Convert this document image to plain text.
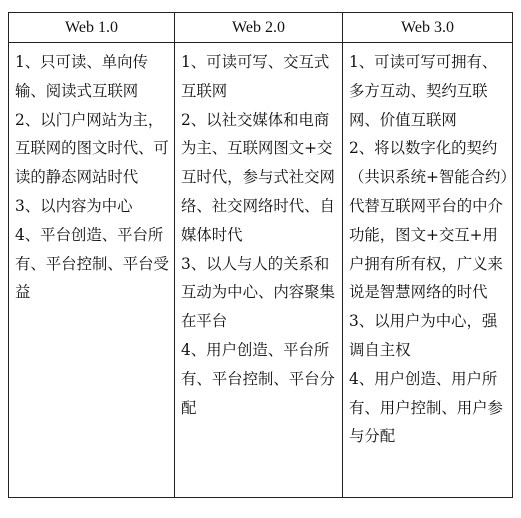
Web 1.0	Web 2.0	Web 3.0

1、只可读、单向传输、阅读式互联网
2、以门户网站为主，互联网的图文时代、可读的静态网站时代
3、以内容为中心
4、平台创造、平台所有、平台控制、平台受益	1、可读可写、交互式互联网
2、以社交媒体和电商为主、互联网图文+交互时代，参与式社交网络、社交网络时代、自媒体时代
3、以人与人的关系和互动为中心、内容聚集在平台
4、用户创造、平台所有、平台控制、平台分配	1、可读可写可拥有、多方互动、契约互联网、价值互联网
2、将以数字化的契约（共识系统+智能合约）代替互联网平台的中介功能，图文+交互+用户拥有所有权，广义来说是智慧网络的时代
3、以用户为中心，强调自主权
4、用户创造、用户所有、用户控制、用户参与分配
